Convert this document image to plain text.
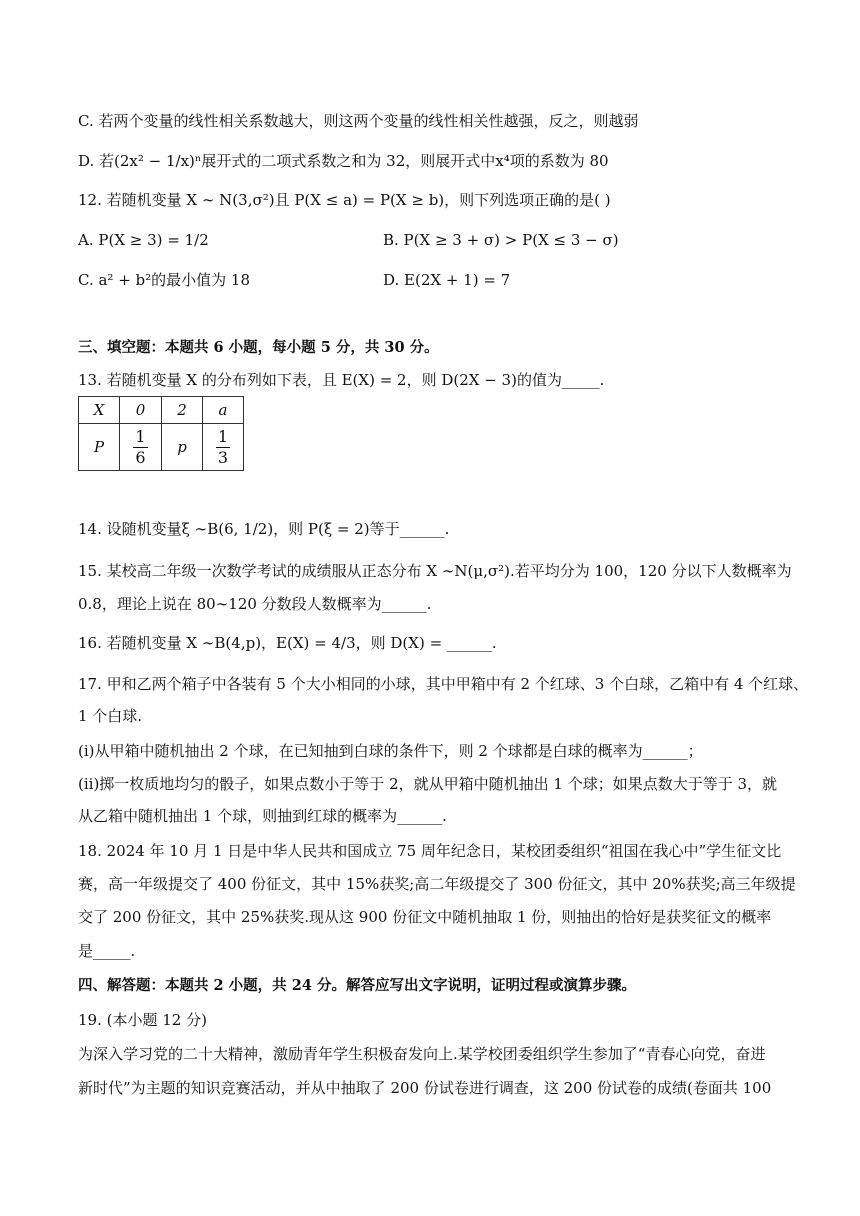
C. 若两个变量的线性相关系数越大，则这两个变量的线性相关性越强，反之，则越弱
D. 若(2x² − 1/x)ⁿ展开式的二项式系数之和为 32，则展开式中x⁴项的系数为 80
12. 若随机变量 X ∼ N(3,σ²)且 P(X ≤ a) = P(X ≥ b)，则下列选项正确的是( )
A. P(X ≥ 3) = 1/2	B. P(X ≥ 3 + σ) > P(X ≤ 3 − σ)
C. a² + b²的最小值为 18	D. E(2X + 1) = 7
三、填空题：本题共 6 小题，每小题 5 分，共 30 分。
13. 若随机变量 X 的分布列如下表，且 E(X) = 2，则 D(2X − 3)的值为_____.
X	0	2	a
P	$\frac{1}{6}$	p	$\frac{1}{3}$
14. 设随机变量ξ ∼B(6, 1/2)，则 P(ξ = 2)等于______.
15. 某校高二年级一次数学考试的成绩服从正态分布 X ∼N(μ,σ²).若平均分为 100，120 分以下人数概率为
0.8，理论上说在 80∼120 分数段人数概率为______.
16. 若随机变量 X ∼B(4,p)，E(X) = 4/3，则 D(X) = ______.
17. 甲和乙两个箱子中各装有 5 个大小相同的小球，其中甲箱中有 2 个红球、3 个白球，乙箱中有 4 个红球、
1 个白球.
(ⅰ)从甲箱中随机抽出 2 个球，在已知抽到白球的条件下，则 2 个球都是白球的概率为______；
(ⅱ)掷一枚质地均匀的骰子，如果点数小于等于 2，就从甲箱中随机抽出 1 个球；如果点数大于等于 3，就
从乙箱中随机抽出 1 个球，则抽到红球的概率为______.
18. 2024 年 10 月 1 日是中华人民共和国成立 75 周年纪念日，某校团委组织“祖国在我心中”学生征文比
赛，高一年级提交了 400 份征文，其中 15%获奖;高二年级提交了 300 份征文，其中 20%获奖;高三年级提
交了 200 份征文，其中 25%获奖.现从这 900 份征文中随机抽取 1 份，则抽出的恰好是获奖征文的概率
是_____.
四、解答题：本题共 2 小题，共 24 分。解答应写出文字说明，证明过程或演算步骤。
19. (本小题 12 分)
为深入学习党的二十大精神，激励青年学生积极奋发向上.某学校团委组织学生参加了“青春心向党，奋进
新时代”为主题的知识竞赛活动，并从中抽取了 200 份试卷进行调查，这 200 份试卷的成绩(卷面共 100
